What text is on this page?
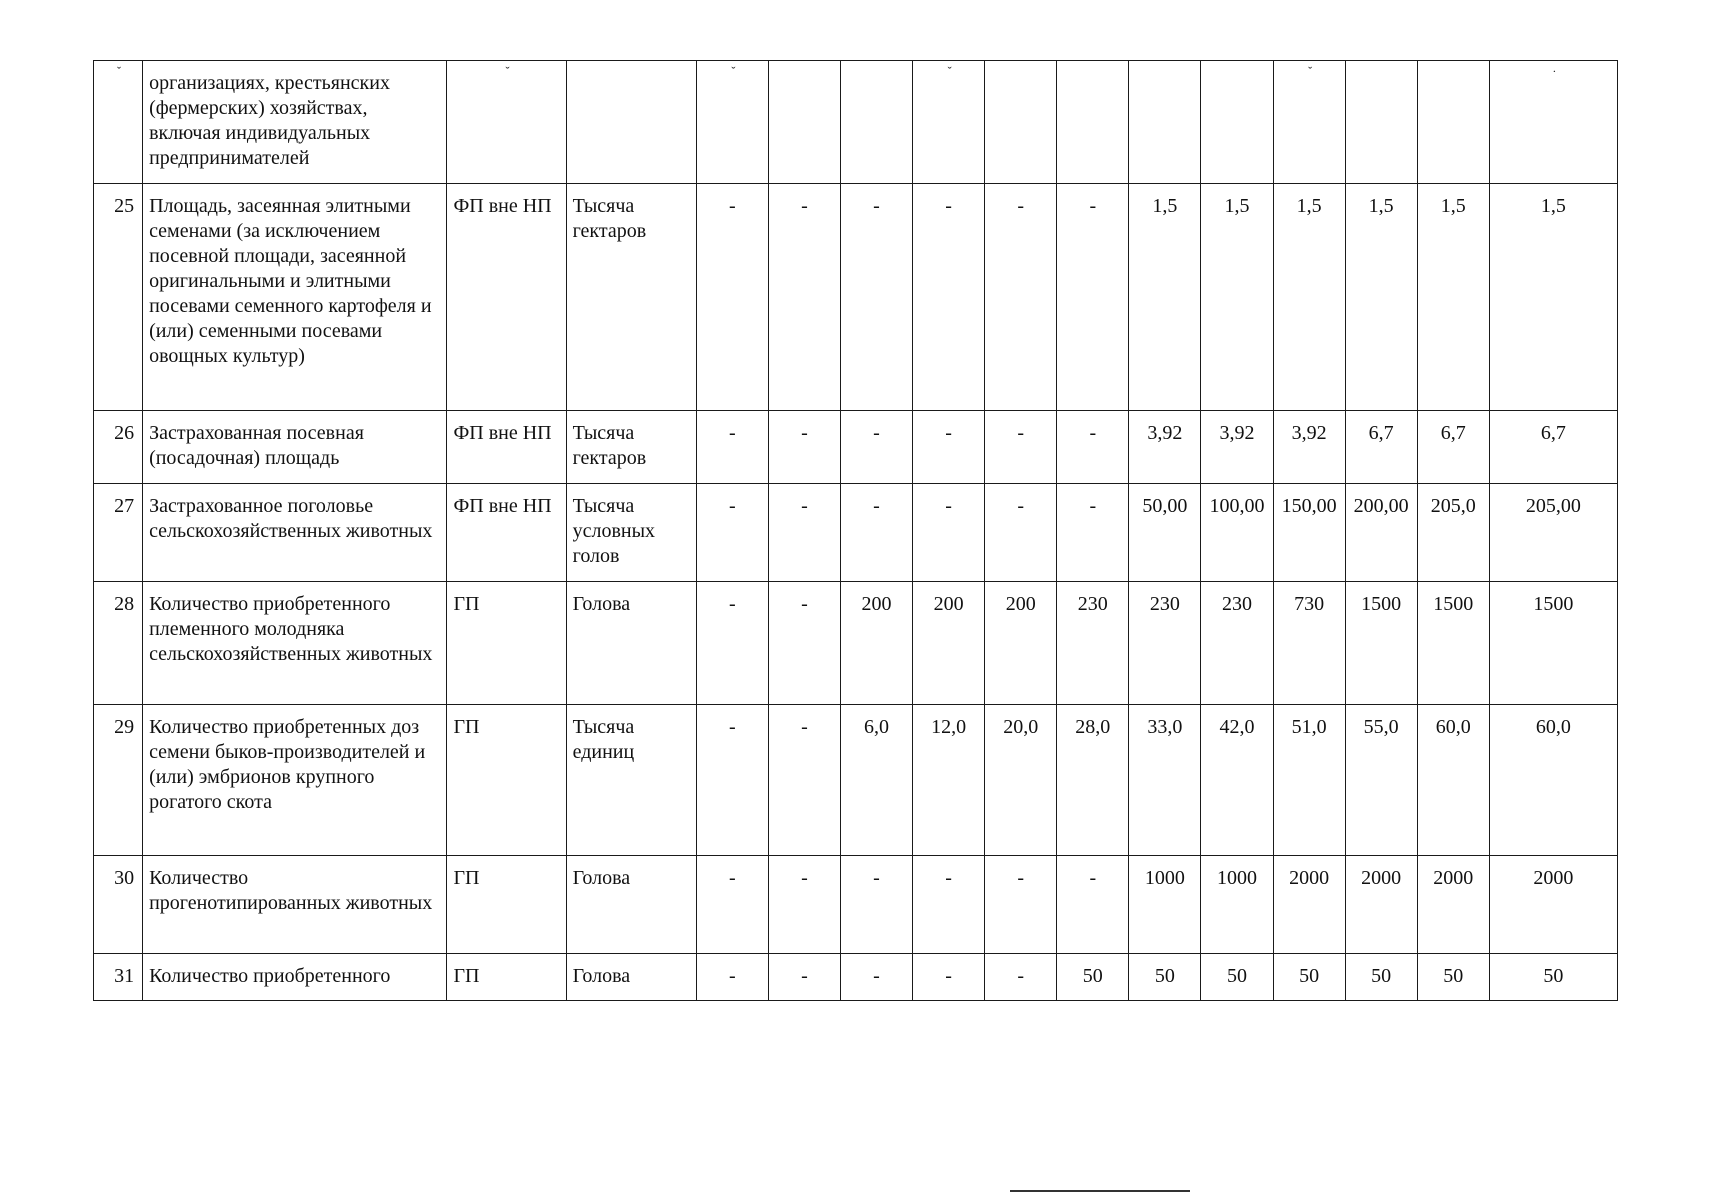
ˇ	организациях, крестьянских (фермерских) хозяйствах, включая индивидуальных предпринимателей	ˇ		ˇ			ˇ					ˇ			·
25	Площадь, засеянная элитными семенами (за исключением посевной площади, засеянной оригинальными и элитными посевами семенного картофеля и (или) семенными посевами овощных культур)	ФП вне НП	Тысяча гектаров	-	-	-	-	-	-	1,5	1,5	1,5	1,5	1,5	1,5
26	Застрахованная посевная (посадочная) площадь	ФП вне НП	Тысяча гектаров	-	-	-	-	-	-	3,92	3,92	3,92	6,7	6,7	6,7
27	Застрахованное поголовье сельскохозяйственных животных	ФП вне НП	Тысяча условных голов	-	-	-	-	-	-	50,00	100,00	150,00	200,00	205,0	205,00
28	Количество приобретенного племенного молодняка сельскохозяйственных животных	ГП	Голова	-	-	200	200	200	230	230	230	730	1500	1500	1500
29	Количество приобретенных доз семени быков-производителей и (или) эмбрионов крупного рогатого скота	ГП	Тысяча единиц	-	-	6,0	12,0	20,0	28,0	33,0	42,0	51,0	55,0	60,0	60,0
30	Количество прогенотипированных животных	ГП	Голова	-	-	-	-	-	-	1000	1000	2000	2000	2000	2000
31	Количество приобретенного	ГП	Голова	-	-	-	-	-	50	50	50	50	50	50	50
